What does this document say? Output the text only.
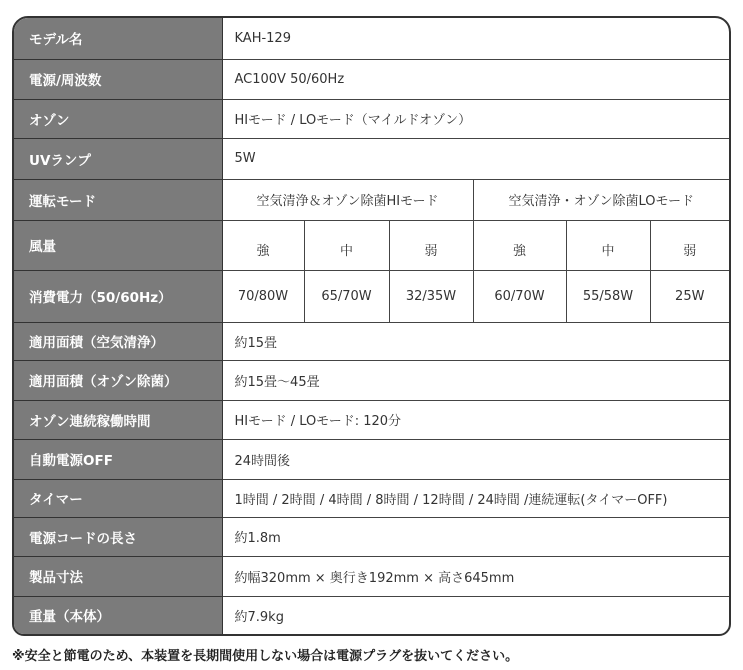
モデル名	KAH-129					
電源/周波数	AC100V 50/60Hz					
オゾン	HIモード / LOモード（マイルドオゾン）					
UVランプ	5W					
運転モード	空気清浄＆オゾン除菌HIモード			空気清浄・オゾン除菌LOモード		
風量	強	中	弱	強	中	弱
消費電力（50/60Hz）	70/80W	65/70W	32/35W	60/70W	55/58W	25W
適用面積（空気清浄）	約15畳					
適用面積（オゾン除菌）	約15畳〜45畳					
オゾン連続稼働時間	HIモード / LOモード: 120分					
自動電源OFF	24時間後					
タイマー	1時間 / 2時間 / 4時間 / 8時間 / 12時間 / 24時間 /連続運転(タイマーOFF)					
電源コードの長さ	約1.8m					
製品寸法	約幅320mm × 奥行き192mm × 高さ645mm					
重量（本体）	約7.9kg					
※安全と節電のため、本装置を長期間使用しない場合は電源プラグを抜いてください。
